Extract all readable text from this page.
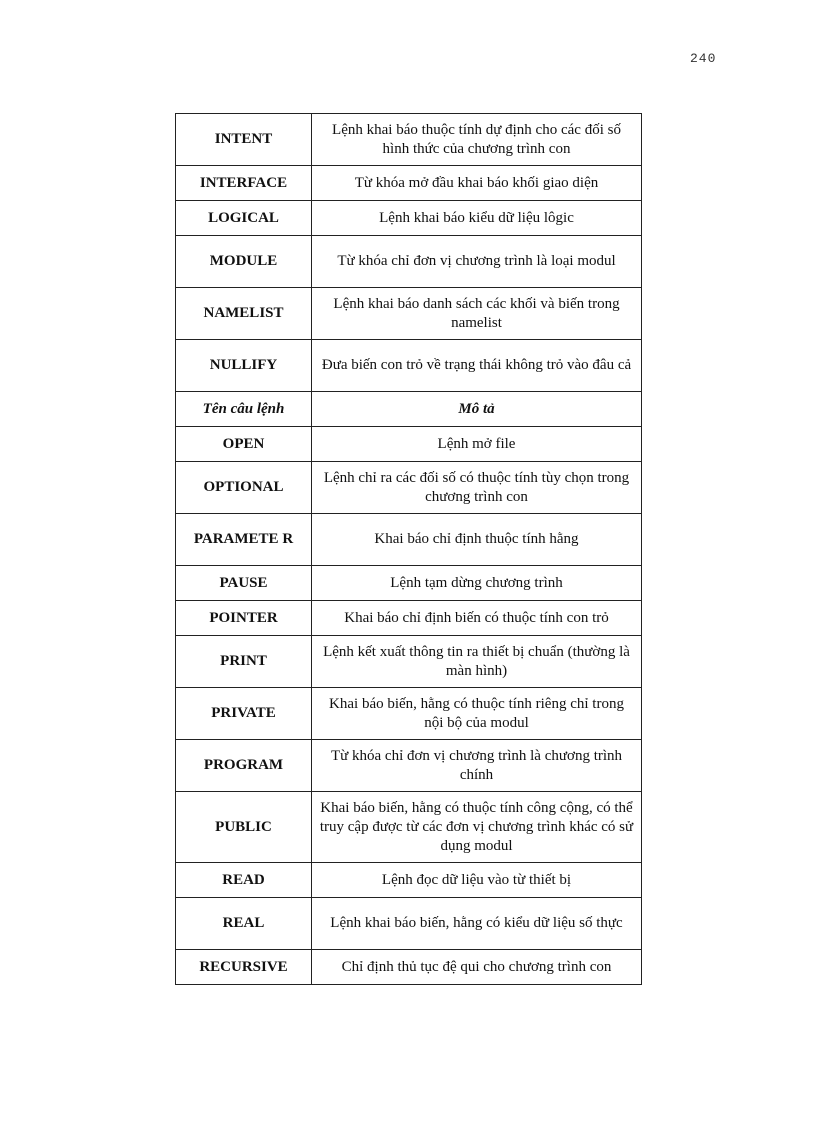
240
INTENT	Lệnh khai báo thuộc tính dự định cho các đối số hình thức của chương trình con
INTERFACE	Từ khóa mở đầu khai báo khối giao diện
LOGICAL	Lệnh khai báo kiểu dữ liệu lôgic
MODULE	Từ khóa chỉ đơn vị chương trình là loại modul
NAMELIST	Lệnh khai báo danh sách các khối và biến trong namelist
NULLIFY	Đưa biến con trỏ về trạng thái không trỏ vào đâu cả
Tên câu lệnh	Mô tả
OPEN	Lệnh mở file
OPTIONAL	Lệnh chỉ ra các đối số có thuộc tính tùy chọn trong chương trình con
PARAMETE R	Khai báo chỉ định thuộc tính hằng
PAUSE	Lệnh tạm dừng chương trình
POINTER	Khai báo chỉ định biến có thuộc tính con trỏ
PRINT	Lệnh kết xuất thông tin ra thiết bị chuẩn (thường là màn hình)
PRIVATE	Khai báo biến, hằng có thuộc tính riêng chỉ trong nội bộ của modul
PROGRAM	Từ khóa chỉ đơn vị chương trình là chương trình chính
PUBLIC	Khai báo biến, hằng có thuộc tính công cộng, có thể truy cập được từ các đơn vị chương trình khác có sử dụng modul
READ	Lệnh đọc dữ liệu vào từ thiết bị
REAL	Lệnh khai báo biến, hằng có kiểu dữ liệu số thực
RECURSIVE	Chỉ định thủ tục đệ qui cho chương trình con
